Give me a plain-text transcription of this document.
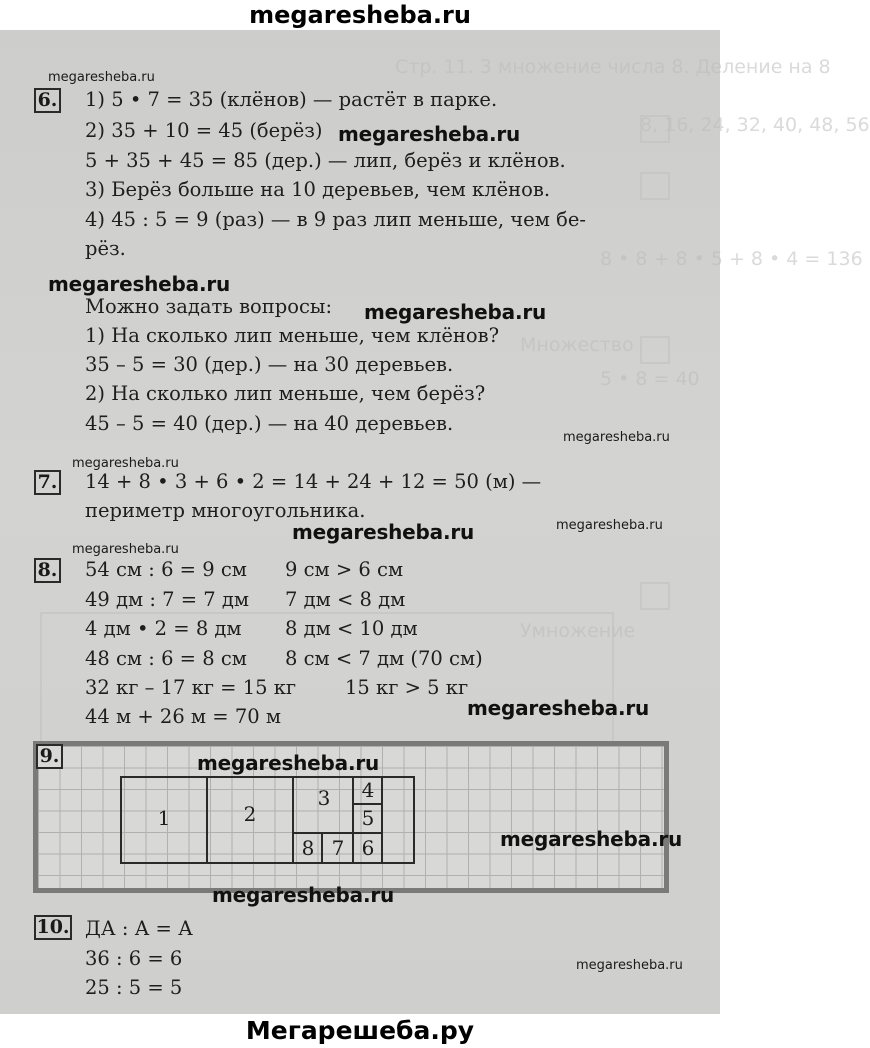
megaresheba.ru
Стр. 11. 3 множение числа 8. Деление на 8
8, 16, 24, 32, 40, 48, 56
8 • 8 + 8 • 5 + 8 • 4 = 136
5 • 8 = 40
Множество
Умножение
6. 1) 5 • 7 = 35 (клёнов) — растёт в парке.
2) 35 + 10 = 45 (берёз)
5 + 35 + 45 = 85 (дер.) — лип, берёз и клёнов.
3) Берёз больше на 10 деревьев, чем клёнов.
4) 45 : 5 = 9 (раз) — в 9 раз лип меньше, чем бе-
рёз.
Можно задать вопросы:
1) На сколько лип меньше, чем клёнов?
35 – 5 = 30 (дер.) — на 30 деревьев.
2) На сколько лип меньше, чем берёз?
45 – 5 = 40 (дер.) — на 40 деревьев.
7. 14 + 8 • 3 + 6 • 2 = 14 + 24 + 12 = 50 (м) —
периметр многоугольника.
8. 54 см : 6 = 9 см 9 см > 6 см
49 дм : 7 = 7 дм 7 дм < 8 дм
4 дм • 2 = 8 дм 8 дм < 10 дм
48 см : 6 = 8 см 8 см < 7 дм (70 см)
32 кг – 17 кг = 15 кг	15 кг > 5 кг
44 м + 26 м = 70 м
9.
1	2
3	4
5
8 7 6
10. ДА : А = А
36 : 6 = 6
25 : 5 = 5
megaresheba.ru
megaresheba.ru
megaresheba.ru
megaresheba.ru
megaresheba.ru
megaresheba.ru
megaresheba.ru	megaresheba.ru
megaresheba.ru
megaresheba.ru
megaresheba.ru
megaresheba.ru
megaresheba.ru
megaresheba.ru
Мегарешеба.ру
